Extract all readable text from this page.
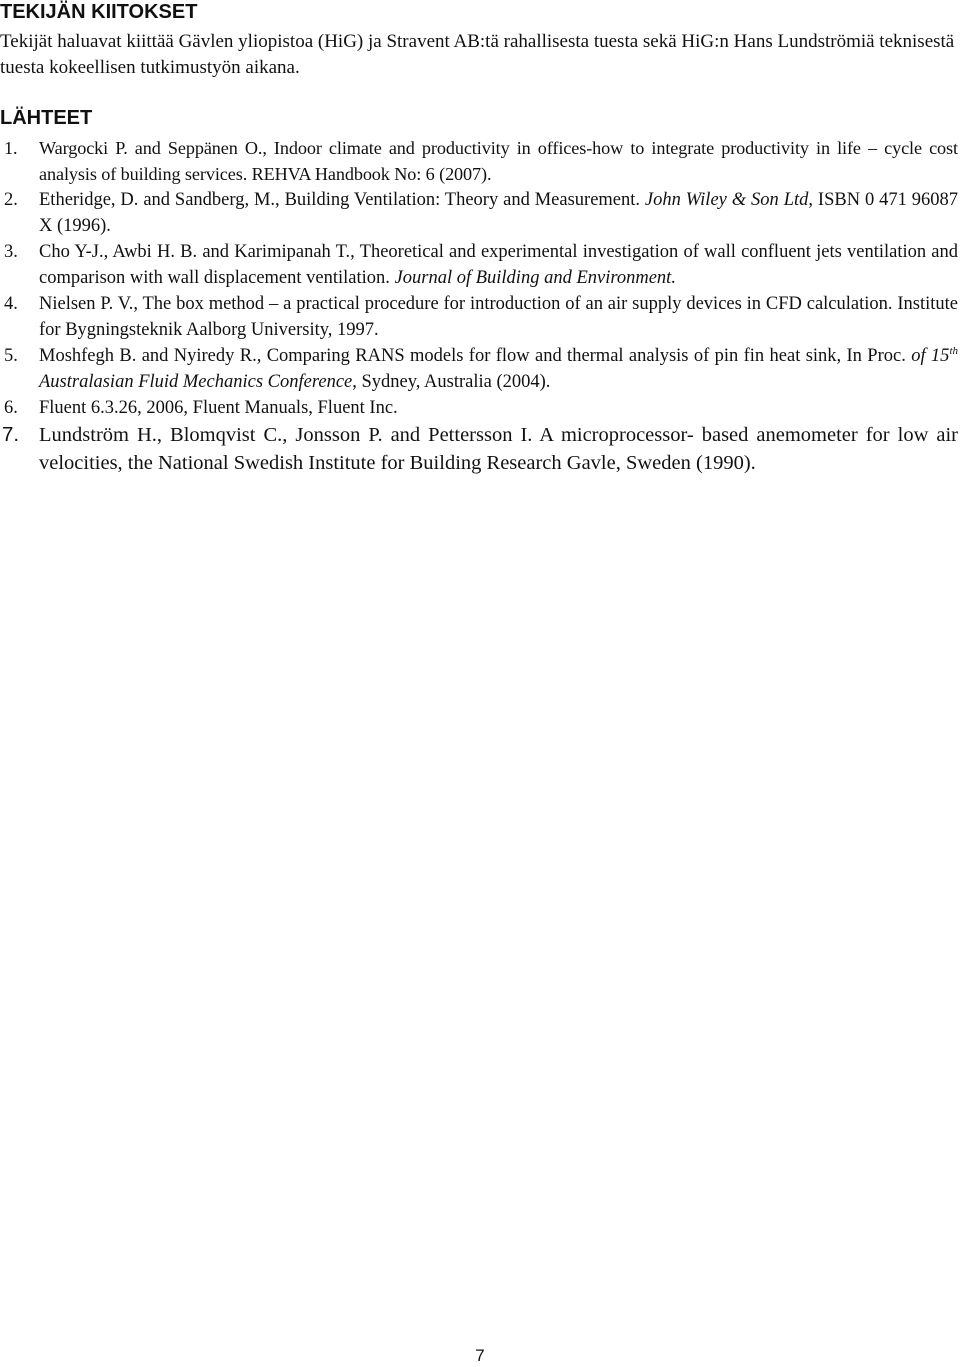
TEKIJÄN KIITOKSET

Tekijät haluavat kiittää Gävlen yliopistoa (HiG) ja Stravent AB:tä rahallisesta tuesta sekä HiG:n Hans Lundströmiä teknisestä tuesta kokeellisen tutkimustyön aikana.

LÄHTEET
1. Wargocki P. and Seppänen O., Indoor climate and productivity in offices-how to integrate productivity in life – cycle cost analysis of building services. REHVA Handbook No: 6 (2007).
2. Etheridge, D. and Sandberg, M., Building Ventilation: Theory and Measurement. John Wiley & Son Ltd, ISBN 0 471 96087 X (1996).
3. Cho Y-J., Awbi H. B. and Karimipanah T., Theoretical and experimental investigation of wall confluent jets ventilation and comparison with wall displacement ventilation. Journal of Building and Environment.
4. Nielsen P. V., The box method – a practical procedure for introduction of an air supply devices in CFD calculation. Institute for Bygningsteknik Aalborg University, 1997.
5. Moshfegh B. and Nyiredy R., Comparing RANS models for flow and thermal analysis of pin fin heat sink, In Proc. of 15th Australasian Fluid Mechanics Conference, Sydney, Australia (2004).
6. Fluent 6.3.26, 2006, Fluent Manuals, Fluent Inc.
7. Lundström H., Blomqvist C., Jonsson P. and Pettersson I. A microprocessor- based anemometer for low air velocities, the National Swedish Institute for Building Research Gavle, Sweden (1990).
7
